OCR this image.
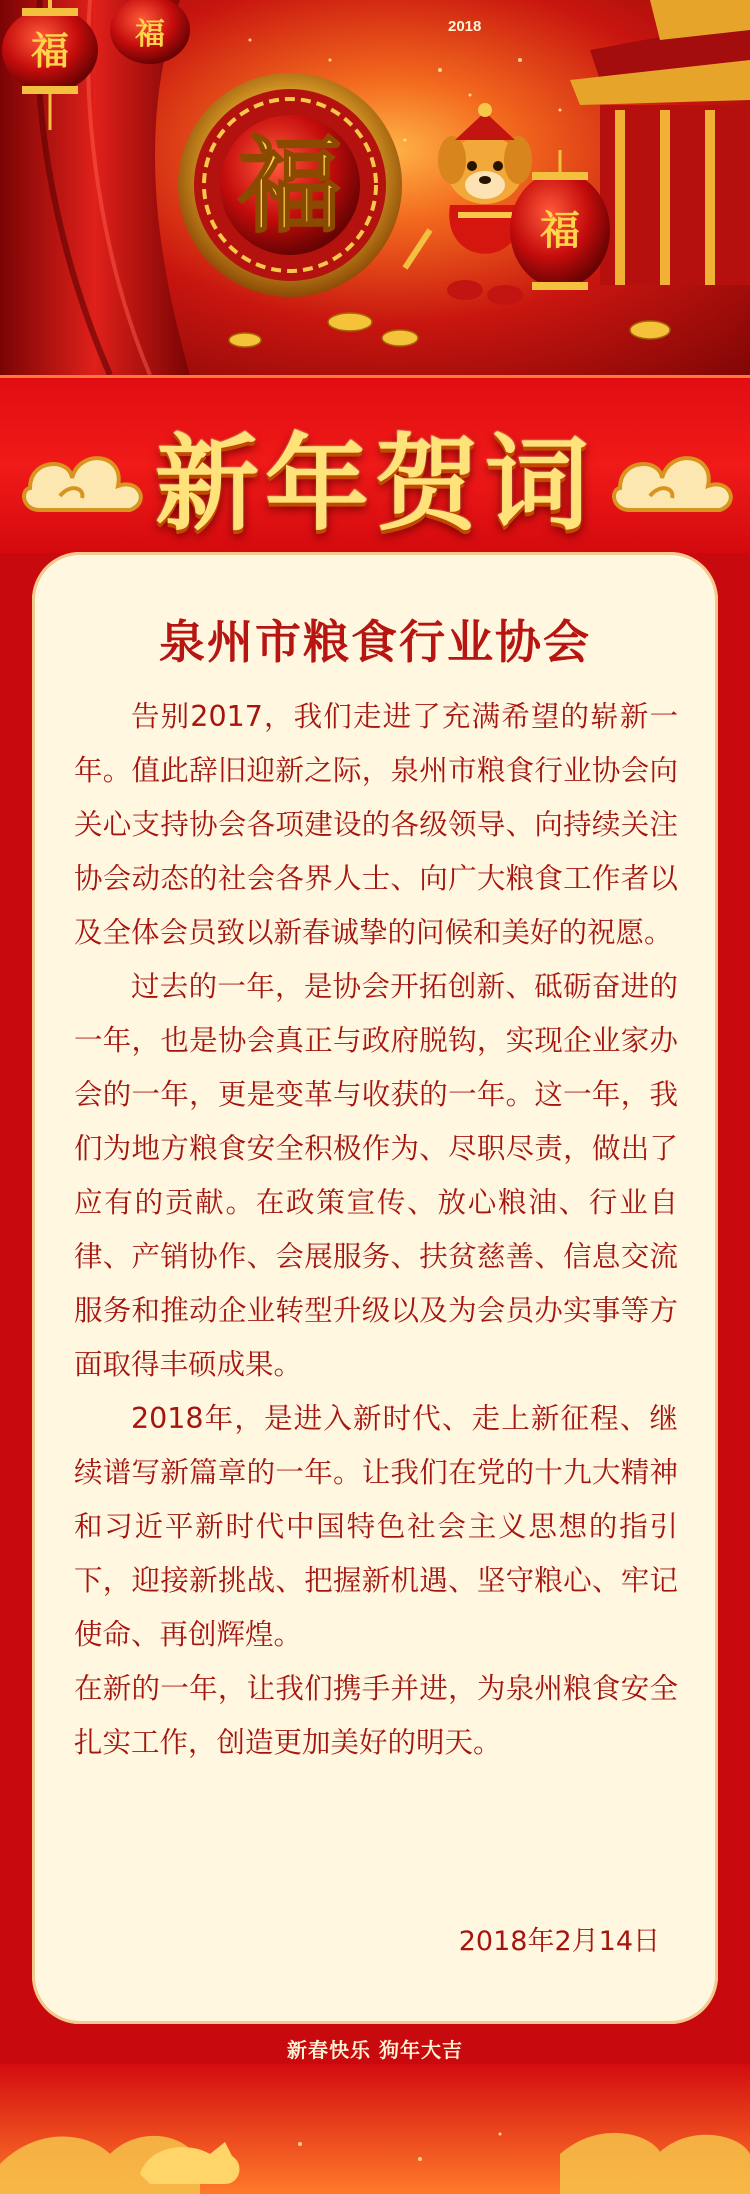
福 福
福	福
2018
新年贺词
泉州市粮食行业协会

告别2017，我们走进了充满希望的崭新一年。值此辞旧迎新之际，泉州市粮食行业协会向关心支持协会各项建设的各级领导、向持续关注协会动态的社会各界人士、向广大粮食工作者以及全体会员致以新春诚挚的问候和美好的祝愿。

过去的一年，是协会开拓创新、砥砺奋进的一年，也是协会真正与政府脱钩，实现企业家办会的一年，更是变革与收获的一年。这一年，我们为地方粮食安全积极作为、尽职尽责，做出了应有的贡献。在政策宣传、放心粮油、行业自律、产销协作、会展服务、扶贫慈善、信息交流服务和推动企业转型升级以及为会员办实事等方面取得丰硕成果。

2018年，是进入新时代、走上新征程、继续谱写新篇章的一年。让我们在党的十九大精神和习近平新时代中国特色社会主义思想的指引下，迎接新挑战、把握新机遇、坚守粮心、牢记使命、再创辉煌。

在新的一年，让我们携手并进，为泉州粮食安全扎实工作，创造更加美好的明天。

2018年2月14日
新春快乐 狗年大吉
